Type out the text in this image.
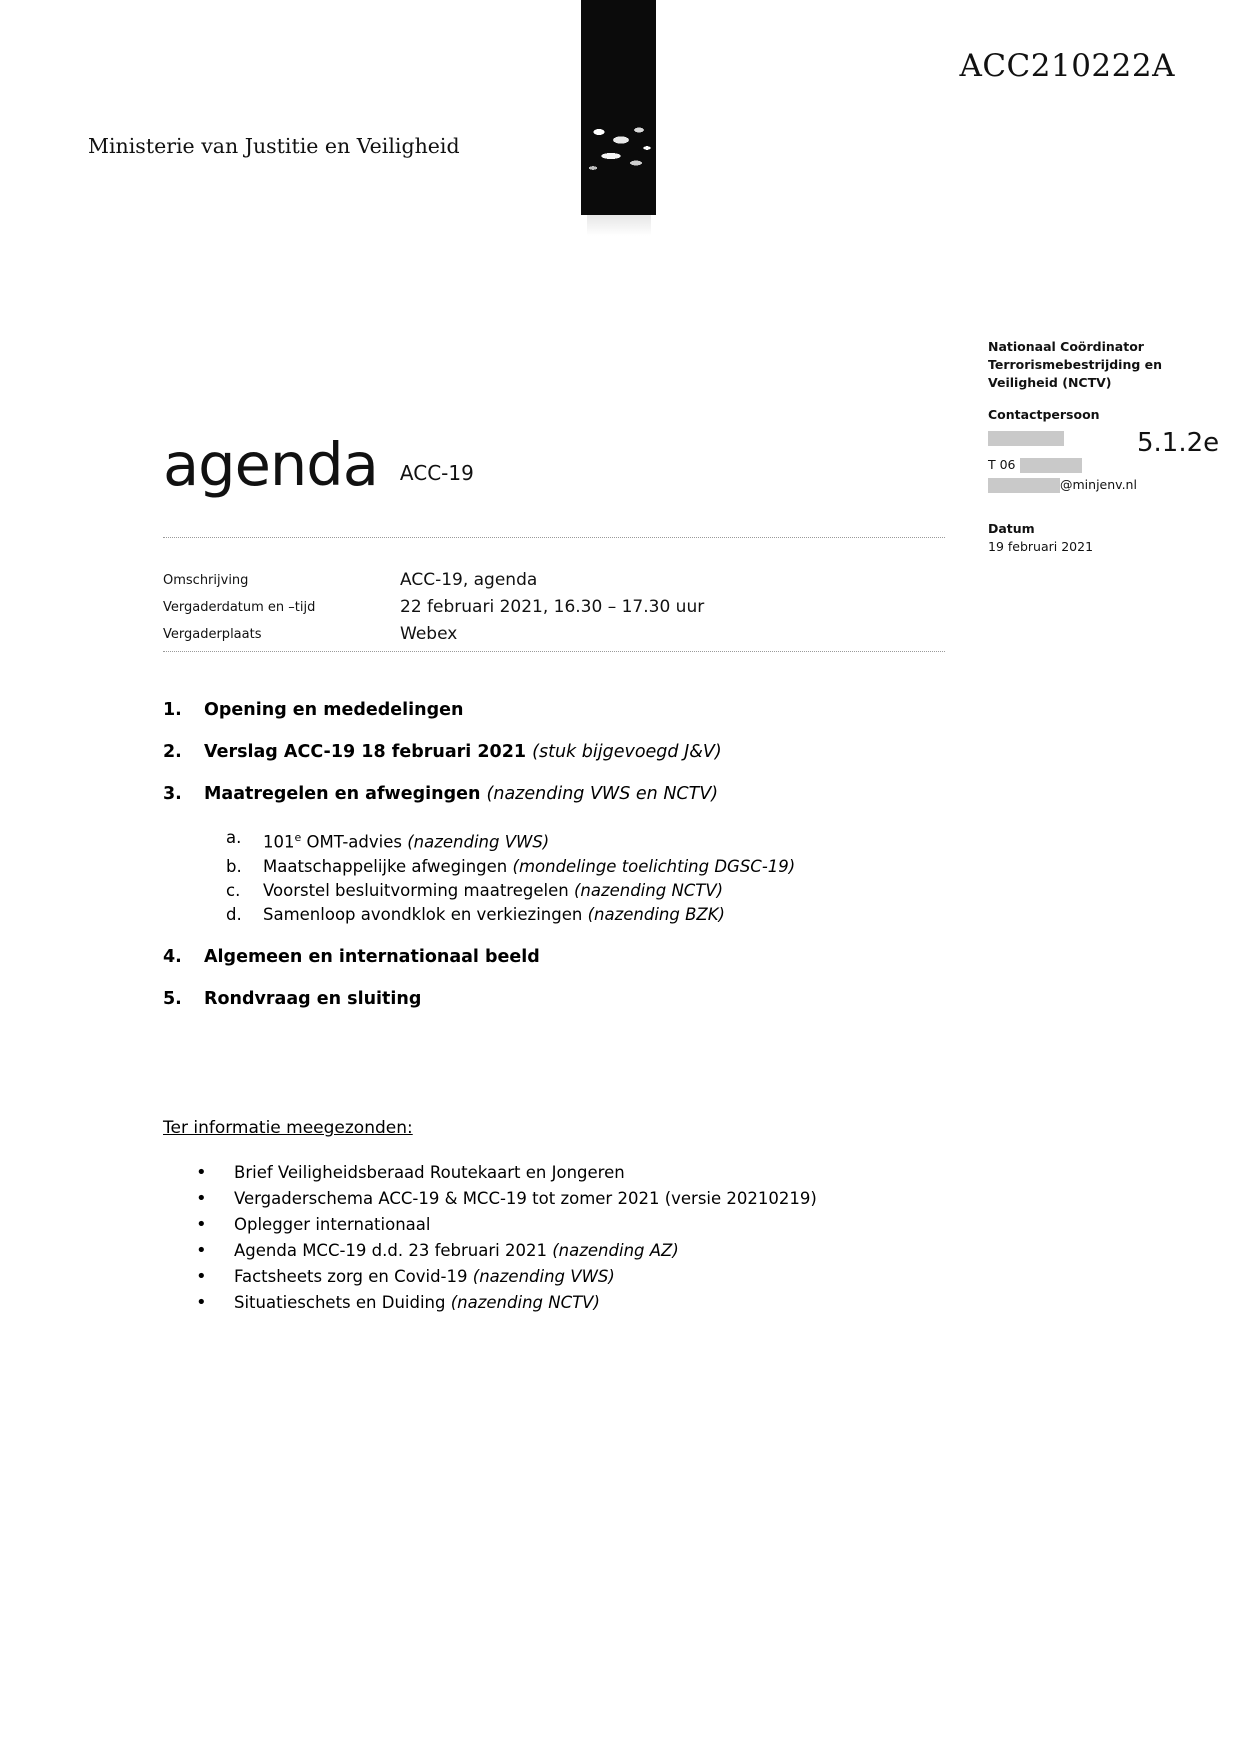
ACC210222A
Ministerie van Justitie en Veiligheid
Nationaal Coördinator
Terrorismebestrijding en
Veiligheid (NCTV)
Contactpersoon
T 06
@minjenv.nl
Datum
19 februari 2021
5.1.2e
agenda ACC-19
Omschrijving	ACC-19, agenda
Vergaderdatum en –tijd	22 februari 2021, 16.30 – 17.30 uur
Vergaderplaats	Webex
1.	Opening en mededelingen
2.	Verslag ACC-19 18 februari 2021 (stuk bijgevoegd J&V)
3.	Maatregelen en afwegingen (nazending VWS en NCTV)
a.	101e OMT-advies (nazending VWS)
b.	Maatschappelijke afwegingen (mondelinge toelichting DGSC-19)
c.	Voorstel besluitvorming maatregelen (nazending NCTV)
d.	Samenloop avondklok en verkiezingen (nazending BZK)
4.	Algemeen en internationaal beeld
5.	Rondvraag en sluiting
Ter informatie meegezonden:
•	Brief Veiligheidsberaad Routekaart en Jongeren
•	Vergaderschema ACC-19 & MCC-19 tot zomer 2021 (versie 20210219)
•	Oplegger internationaal
•	Agenda MCC-19 d.d. 23 februari 2021 (nazending AZ)
•	Factsheets zorg en Covid-19 (nazending VWS)
•	Situatieschets en Duiding (nazending NCTV)
